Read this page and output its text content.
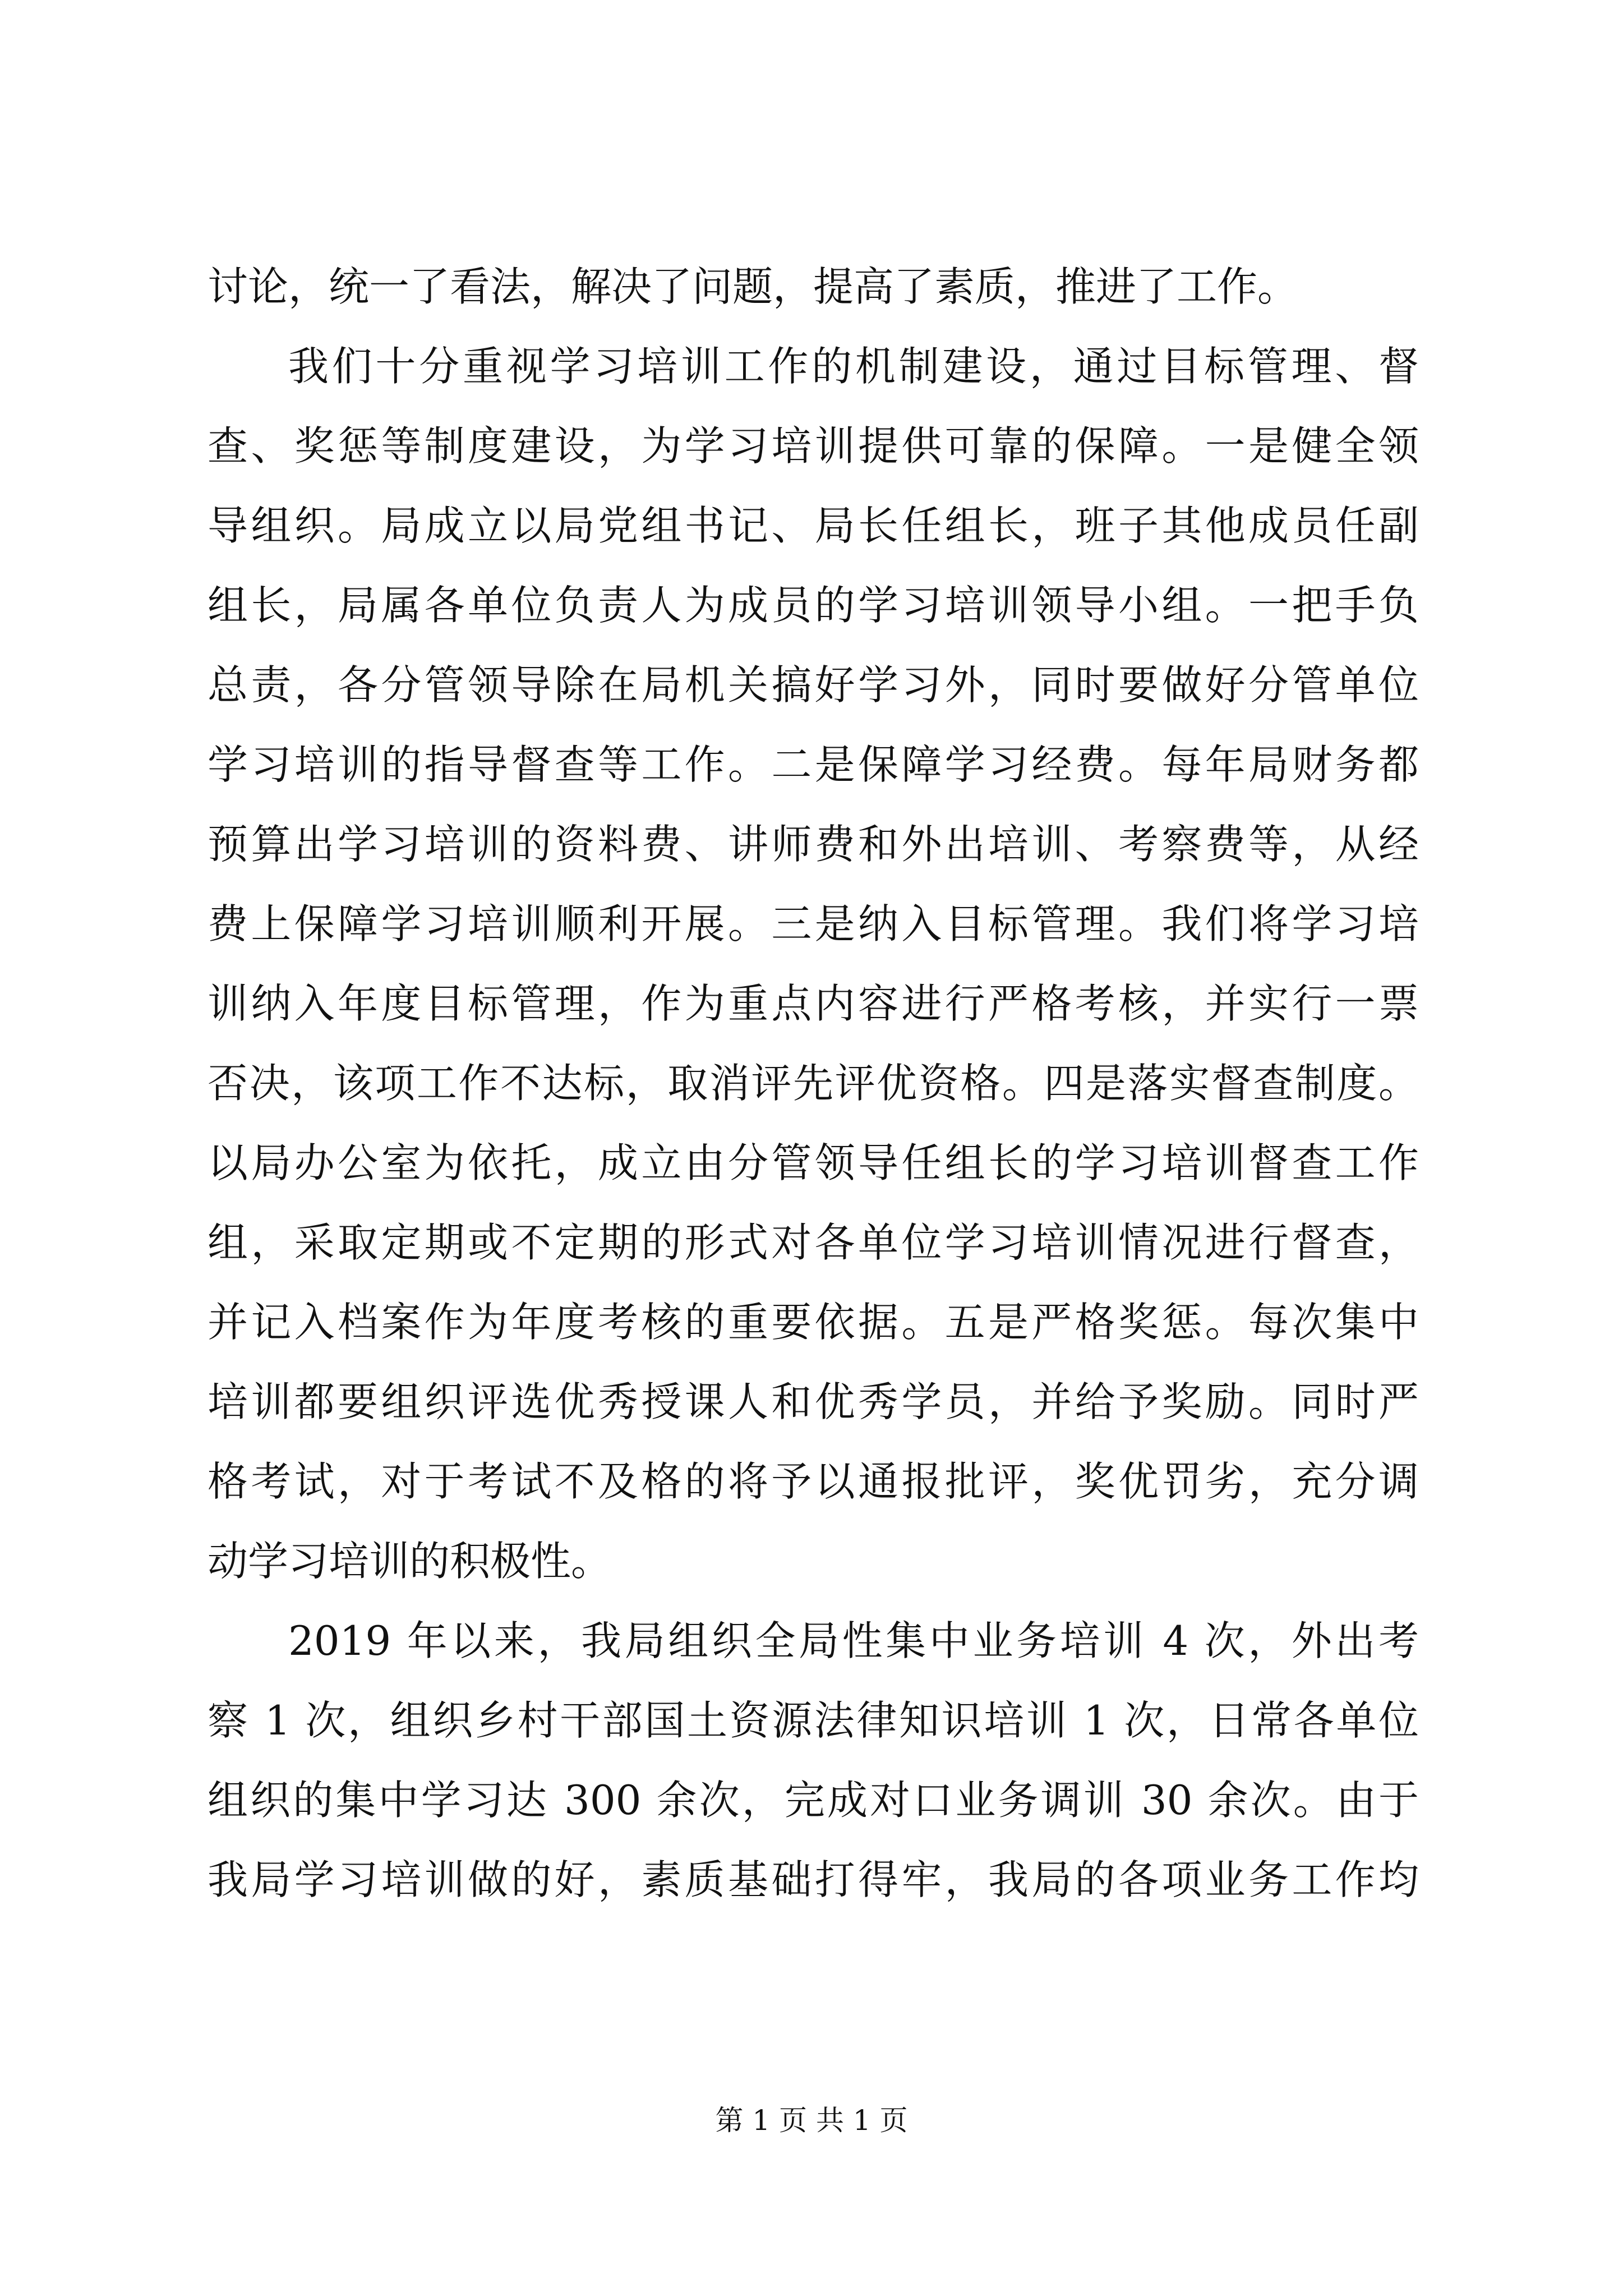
讨论，统一了看法，解决了问题，提高了素质，推进了工作。
我们十分重视学习培训工作的机制建设，通过目标管理、督
查、奖惩等制度建设，为学习培训提供可靠的保障。一是健全领
导组织。局成立以局党组书记、局长任组长，班子其他成员任副
组长，局属各单位负责人为成员的学习培训领导小组。一把手负
总责，各分管领导除在局机关搞好学习外，同时要做好分管单位
学习培训的指导督查等工作。二是保障学习经费。每年局财务都
预算出学习培训的资料费、讲师费和外出培训、考察费等，从经
费上保障学习培训顺利开展。三是纳入目标管理。我们将学习培
训纳入年度目标管理，作为重点内容进行严格考核，并实行一票
否决，该项工作不达标，取消评先评优资格。四是落实督查制度。
以局办公室为依托，成立由分管领导任组长的学习培训督查工作
组，采取定期或不定期的形式对各单位学习培训情况进行督查，
并记入档案作为年度考核的重要依据。五是严格奖惩。每次集中
培训都要组织评选优秀授课人和优秀学员，并给予奖励。同时严
格考试，对于考试不及格的将予以通报批评，奖优罚劣，充分调
动学习培训的积极性。
2019 年以来，我局组织全局性集中业务培训 4 次，外出考
察 1 次，组织乡村干部国土资源法律知识培训 1 次，日常各单位
组织的集中学习达 300 余次，完成对口业务调训 30 余次。由于
我局学习培训做的好，素质基础打得牢，我局的各项业务工作均
第 1 页 共 1 页
